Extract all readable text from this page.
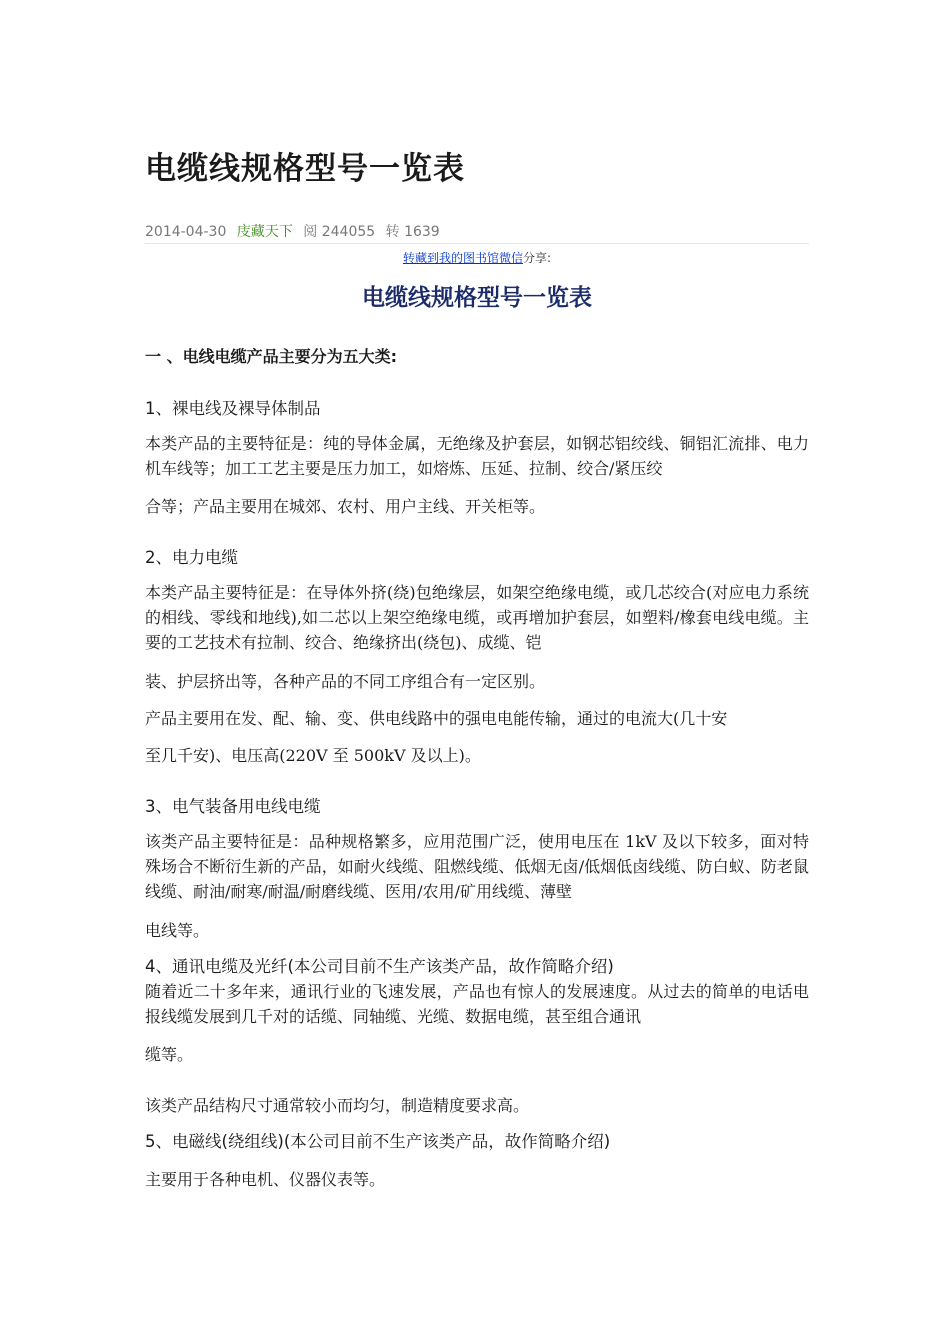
电缆线规格型号一览表
2014-04-30 庋藏天下 阅 244055 转 1639
转藏到我的图书馆微信分享:
电缆线规格型号一览表

一 、电线电缆产品主要分为五大类:

1、裸电线及裸导体制品

本类产品的主要特征是：纯的导体金属，无绝缘及护套层，如钢芯铝绞线、铜铝汇流排、电力机车线等；加工工艺主要是压力加工，如熔炼、压延、拉制、绞合/紧压绞

合等；产品主要用在城郊、农村、用户主线、开关柜等。

2、电力电缆

本类产品主要特征是：在导体外挤(绕)包绝缘层，如架空绝缘电缆，或几芯绞合(对应电力系统的相线、零线和地线),如二芯以上架空绝缘电缆，或再增加护套层，如塑料/橡套电线电缆。主要的工艺技术有拉制、绞合、绝缘挤出(绕包)、成缆、铠

装、护层挤出等，各种产品的不同工序组合有一定区别。

产品主要用在发、配、输、变、供电线路中的强电电能传输，通过的电流大(几十安

至几千安)、电压高(220V 至 500kV 及以上)。

3、电气装备用电线电缆

该类产品主要特征是：品种规格繁多，应用范围广泛，使用电压在 1kV 及以下较多，面对特殊场合不断衍生新的产品，如耐火线缆、阻燃线缆、低烟无卤/低烟低卤线缆、防白蚁、防老鼠线缆、耐油/耐寒/耐温/耐磨线缆、医用/农用/矿用线缆、薄壁

电线等。

4、通讯电缆及光纤(本公司目前不生产该类产品，故作简略介绍)

随着近二十多年来，通讯行业的飞速发展，产品也有惊人的发展速度。从过去的简单的电话电报线缆发展到几千对的话缆、同轴缆、光缆、数据电缆，甚至组合通讯

缆等。

该类产品结构尺寸通常较小而均匀，制造精度要求高。

5、电磁线(绕组线)(本公司目前不生产该类产品，故作简略介绍)

主要用于各种电机、仪器仪表等。
